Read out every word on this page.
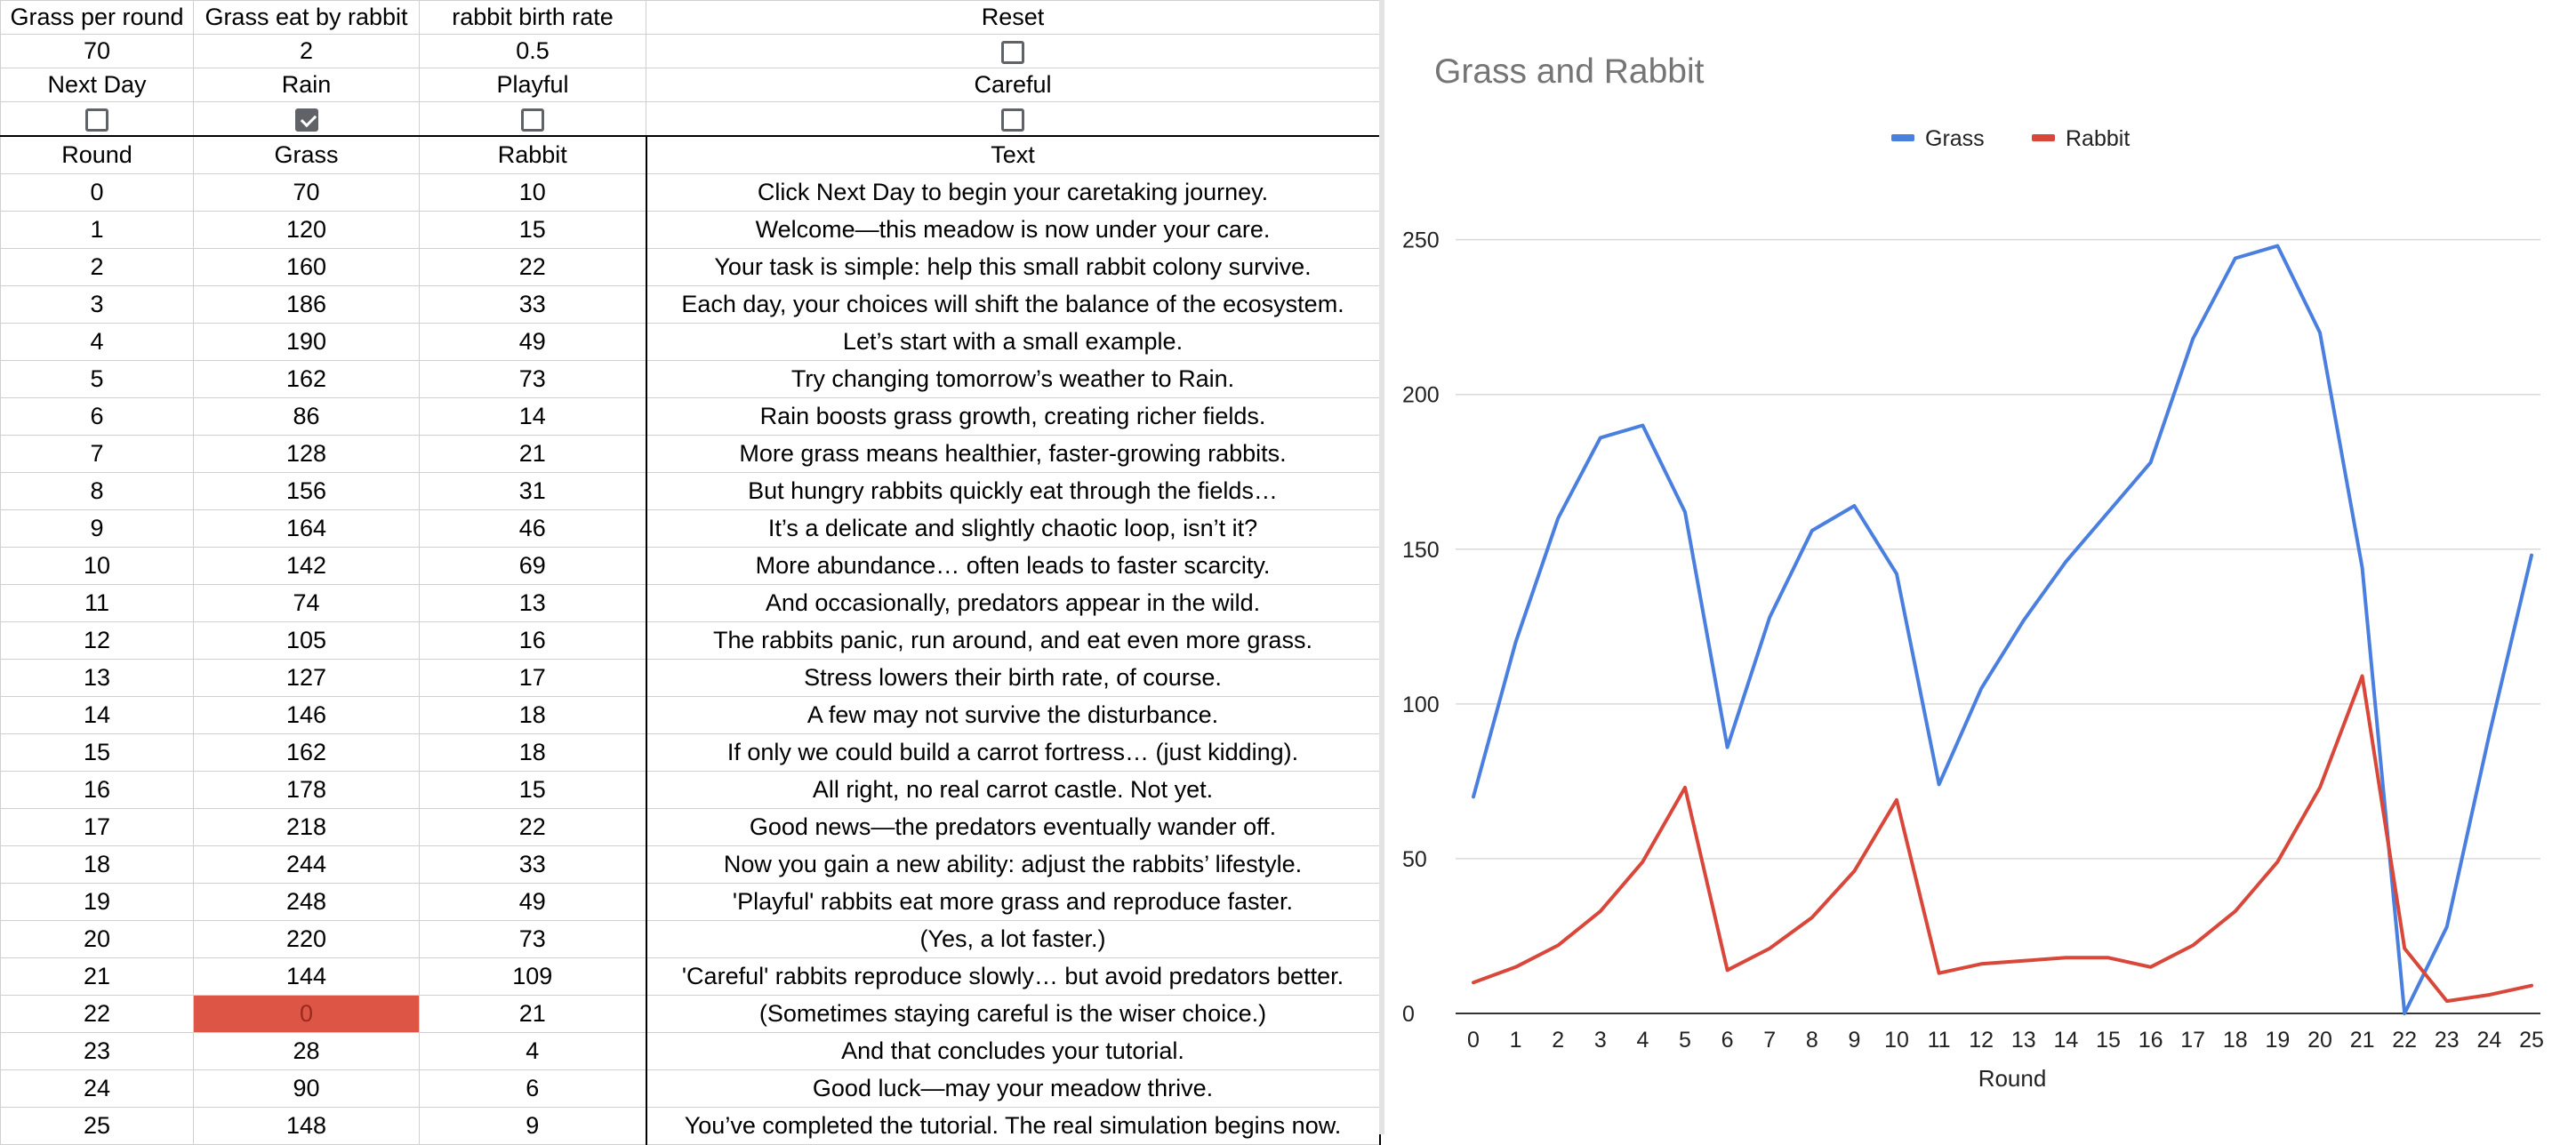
Grass per round	Grass eat by rabbit	rabbit birth rate	Reset
70	2	0.5	
Next Day	Rain	Playful	Careful

Round	Grass	Rabbit	Text
0	70	10	Click Next Day to begin your caretaking journey.
1	120	15	Welcome—this meadow is now under your care.
2	160	22	Your task is simple: help this small rabbit colony survive.
3	186	33	Each day, your choices will shift the balance of the ecosystem.
4	190	49	Let’s start with a small example.
5	162	73	Try changing tomorrow’s weather to Rain.
6	86	14	Rain boosts grass growth, creating richer fields.
7	128	21	More grass means healthier, faster-growing rabbits.
8	156	31	But hungry rabbits quickly eat through the fields…
9	164	46	It’s a delicate and slightly chaotic loop, isn’t it?
10	142	69	More abundance… often leads to faster scarcity.
11	74	13	And occasionally, predators appear in the wild.
12	105	16	The rabbits panic, run around, and eat even more grass.
13	127	17	Stress lowers their birth rate, of course.
14	146	18	A few may not survive the disturbance.
15	162	18	If only we could build a carrot fortress… (just kidding).
16	178	15	All right, no real carrot castle. Not yet.
17	218	22	Good news—the predators eventually wander off.
18	244	33	Now you gain a new ability: adjust the rabbits’ lifestyle.
19	248	49	'Playful' rabbits eat more grass and reproduce faster.
20	220	73	(Yes, a lot faster.)
21	144	109	'Careful' rabbits reproduce slowly… but avoid predators better.
22	0	21	(Sometimes staying careful is the wiser choice.)
23	28	4	And that concludes your tutorial.
24	90	6	Good luck—may your meadow thrive.
25	148	9	You’ve completed the tutorial. The real simulation begins now.
Grass and Rabbit
Grass	Rabbit
0
50
100
150
200
250
0 1 2 3 4 5 6 7 8 9 10 11 12 13 14 15 16 17 18 19 20 21 22 23 24 25
Round
